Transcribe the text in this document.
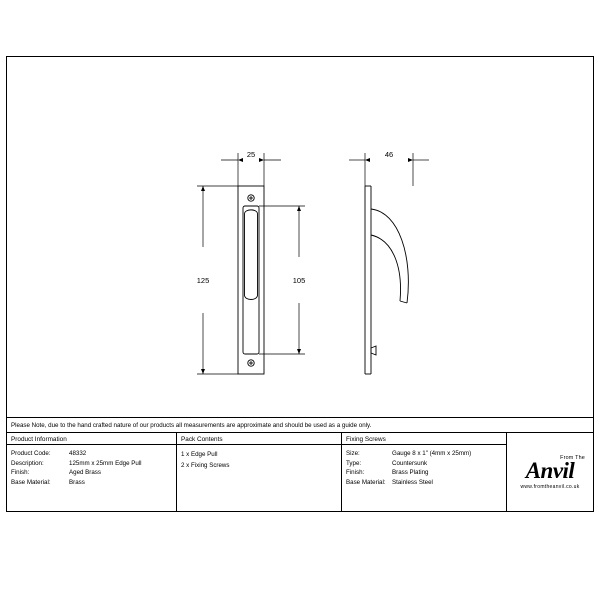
25
125	105
46
Please Note, due to the hand crafted nature of our products all measurements are approximate and should be used as a guide only.
Product Information
Product Code:	48332
Description:	125mm x 25mm Edge Pull
Finish:	Aged Brass
Base Material:	Brass
Pack Contents
1 x Edge Pull
2 x Fixing Screws
Fixing Screws
Size:	Gauge 8 x 1" (4mm x 25mm)
Type:	Countersunk
Finish:	Brass Plating
Base Material:	Stainless Steel
From The
Anvil
www.fromtheanvil.co.uk
